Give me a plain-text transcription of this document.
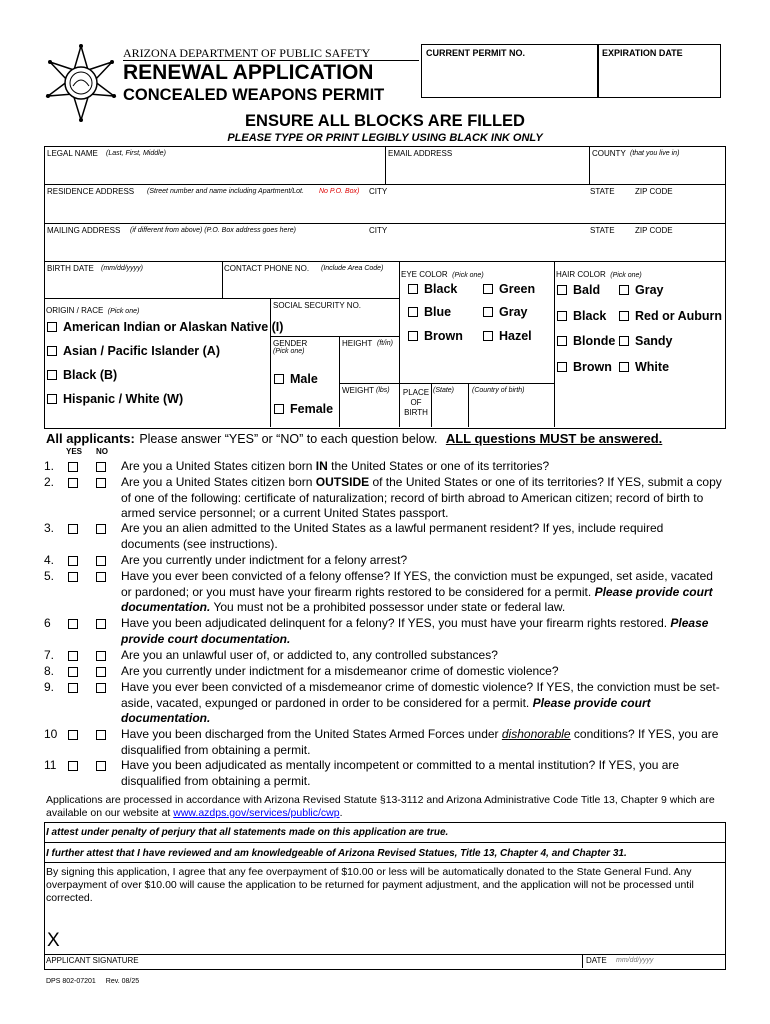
ARIZONA DEPARTMENT OF PUBLIC SAFETY
RENEWAL APPLICATION
CONCEALED WEAPONS PERMIT
CURRENT PERMIT NO.	EXPIRATION DATE
ENSURE ALL BLOCKS ARE FILLED
PLEASE TYPE OR PRINT LEGIBLY USING BLACK INK ONLY
LEGAL NAME (Last, First, Middle)	EMAIL ADDRESS	COUNTY (that you live in)
RESIDENCE ADDRESS (Street number and name including Apartment/Lot. No P.O. Box) CITY	STATE	ZIP CODE
MAILING ADDRESS (if different from above) (P.O. Box address goes here)	CITY	STATE	ZIP CODE
BIRTH DATE (mm/dd/yyyy)	CONTACT PHONE NO. (Include Area Code)
EYE COLOR (Pick one)	HAIR COLOR (Pick one)
Black	Green
Blue	Gray
Brown	Hazel
Bald	Gray
Black	Red or Auburn
Blonde	Sandy
Brown	White
ORIGIN / RACE (Pick one)
American Indian or Alaskan Native (I)
Asian / Pacific Islander (A)
Black (B)
Hispanic / White (W)
SOCIAL SECURITY NO.
GENDER
(Pick one)
Male
Female
HEIGHT (ft/in)
WEIGHT (lbs)	PLACE OF BIRTH
(State)	(Country of birth)
All applicants: Please answer “YES” or “NO” to each question below. ALL questions MUST be answered.
YES NO
1.	Are you a United States citizen born IN the United States or one of its territories?
2.	Are you a United States citizen born OUTSIDE of the United States or one of its territories? If YES, submit a copy of one of the following: certificate of naturalization; record of birth abroad to American citizen; record of birth to armed service personnel; or a current United States passport.
3.	Are you an alien admitted to the United States as a lawful permanent resident? If yes, include required documents (see instructions).
4.	Are you currently under indictment for a felony arrest?
5.	Have you ever been convicted of a felony offense? If YES, the conviction must be expunged, set aside, vacated or pardoned; or you must have your firearm rights restored to be considered for a permit. Please provide court documentation. You must not be a prohibited possessor under state or federal law.
6	Have you been adjudicated delinquent for a felony? If YES, you must have your firearm rights restored. Please provide court documentation.
7.	Are you an unlawful user of, or addicted to, any controlled substances?
8.	Are you currently under indictment for a misdemeanor crime of domestic violence?
9.	Have you ever been convicted of a misdemeanor crime of domestic violence? If YES, the conviction must be set-aside, vacated, expunged or pardoned in order to be considered for a permit. Please provide court documentation.
10	Have you been discharged from the United States Armed Forces under dishonorable conditions? If YES, you are disqualified from obtaining a permit.
11	Have you been adjudicated as mentally incompetent or committed to a mental institution? If YES, you are disqualified from obtaining a permit.
Applications are processed in accordance with Arizona Revised Statute §13-3112 and Arizona Administrative Code Title 13, Chapter 9 which are available on our website at www.azdps.gov/services/public/cwp.
I attest under penalty of perjury that all statements made on this application are true.
I further attest that I have reviewed and am knowledgeable of Arizona Revised Statues, Title 13, Chapter 4, and Chapter 31.
By signing this application, I agree that any fee overpayment of $10.00 or less will be automatically donated to the State General Fund. Any overpayment of over $10.00 will cause the application to be returned for payment adjustment, and the application will not be processed until corrected.
X
APPLICANT SIGNATURE	DATE mm/dd/yyyy
DPS 802-07201 Rev. 08/25
